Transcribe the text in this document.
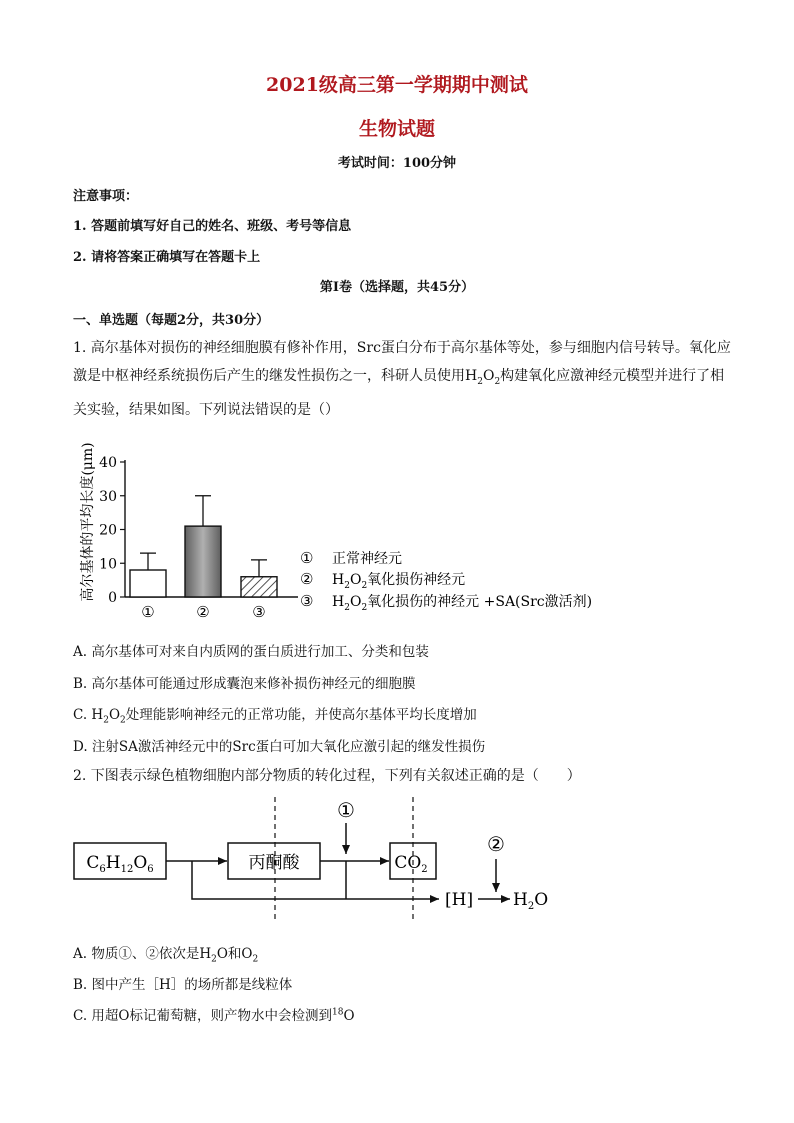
2021级高三第一学期期中测试
生物试题
考试时间：100分钟
注意事项：
1. 答题前填写好自己的姓名、班级、考号等信息
2. 请将答案正确填写在答题卡上
第I卷（选择题，共45分）
一、单选题（每题2分，共30分）
1. 高尔基体对损伤的神经细胞膜有修补作用，Src蛋白分布于高尔基体等处，参与细胞内信号转导。氧化应激是中枢神经系统损伤后产生的继发性损伤之一，科研人员使用$H_2O_2$构建氧化应激神经元模型并进行了相关实验，结果如图。下列说法错误的是（）
高尔基体的平均长度(μm) 0
10
20
30
40
①	②	③
① 正常神经元
② $H_2O_2$氧化损伤神经元
③ $H_2O_2$氧化损伤的神经元 +SA(Src激活剂)
A. 高尔基体可对来自内质网的蛋白质进行加工、分类和包装
B. 高尔基体可能通过形成囊泡来修补损伤神经元的细胞膜
C. $H_2O_2$处理能影响神经元的正常功能，并使高尔基体平均长度增加
D. 注射SA激活神经元中的Src蛋白可加大氧化应激引起的继发性损伤
2. 下图表示绿色植物细胞内部分物质的转化过程，下列有关叙述正确的是（　　）
$C_6H_{12}O_6$	丙酮酸	$CO_2$
①
[H]
②
$H_2O$
A. 物质①、②依次是$H_2O$和$O_2$
B. 图中产生［H］的场所都是线粒体
C. 用超O标记葡萄糖，则产物水中会检测到$^{18}$O
